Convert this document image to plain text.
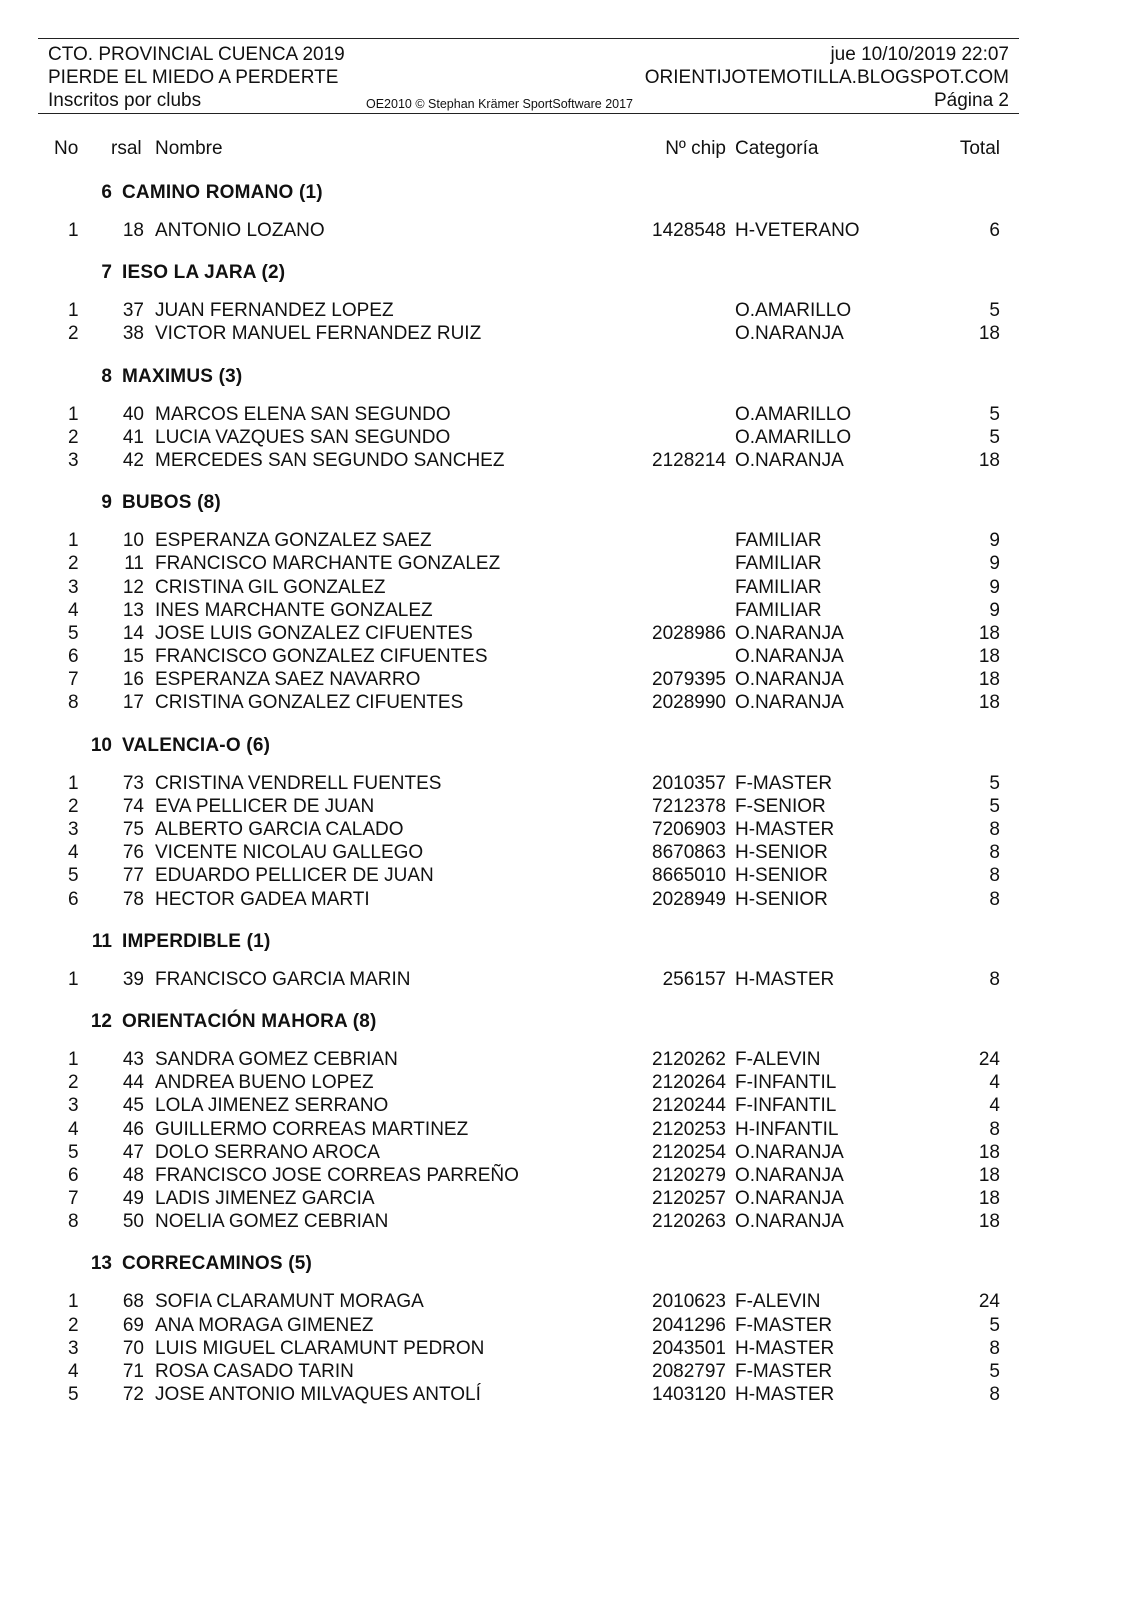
CTO. PROVINCIAL CUENCA 2019	jue 10/10/2019 22:07
PIERDE EL MIEDO A PERDERTE	ORIENTIJOTEMOTILLA.BLOGSPOT.COM
Inscritos por clubs	OE2010 © Stephan Krämer SportSoftware 2017	Página 2
No rsal Nombre	Nº chip Categoría	Total
6 CAMINO ROMANO (1)
1 18 ANTONIO LOZANO	1428548 H-VETERANO	6
7 IESO LA JARA (2)
1 37 JUAN FERNANDEZ LOPEZ	O.AMARILLO	5
2 38 VICTOR MANUEL FERNANDEZ RUIZ	O.NARANJA	18
8 MAXIMUS (3)
1 40 MARCOS ELENA SAN SEGUNDO	O.AMARILLO	5
2 41 LUCIA VAZQUES SAN SEGUNDO	O.AMARILLO	5
3 42 MERCEDES SAN SEGUNDO SANCHEZ	2128214 O.NARANJA	18
9 BUBOS (8)
1 10 ESPERANZA GONZALEZ SAEZ	FAMILIAR	9
2 11 FRANCISCO MARCHANTE GONZALEZ	FAMILIAR	9
3 12 CRISTINA GIL GONZALEZ	FAMILIAR	9
4 13 INES MARCHANTE GONZALEZ	FAMILIAR	9
5 14 JOSE LUIS GONZALEZ CIFUENTES	2028986 O.NARANJA	18
6 15 FRANCISCO GONZALEZ CIFUENTES	O.NARANJA	18
7 16 ESPERANZA SAEZ NAVARRO	2079395 O.NARANJA	18
8 17 CRISTINA GONZALEZ CIFUENTES	2028990 O.NARANJA	18
10 VALENCIA-O (6)
1 73 CRISTINA VENDRELL FUENTES	2010357 F-MASTER	5
2 74 EVA PELLICER DE JUAN	7212378 F-SENIOR	5
3 75 ALBERTO GARCIA CALADO	7206903 H-MASTER	8
4 76 VICENTE NICOLAU GALLEGO	8670863 H-SENIOR	8
5 77 EDUARDO PELLICER DE JUAN	8665010 H-SENIOR	8
6 78 HECTOR GADEA MARTI	2028949 H-SENIOR	8
11 IMPERDIBLE (1)
1 39 FRANCISCO GARCIA MARIN	256157 H-MASTER	8
12 ORIENTACIÓN MAHORA (8)
1 43 SANDRA GOMEZ CEBRIAN	2120262 F-ALEVIN	24
2 44 ANDREA BUENO LOPEZ	2120264 F-INFANTIL	4
3 45 LOLA JIMENEZ SERRANO	2120244 F-INFANTIL	4
4 46 GUILLERMO CORREAS MARTINEZ	2120253 H-INFANTIL	8
5 47 DOLO SERRANO AROCA	2120254 O.NARANJA	18
6 48 FRANCISCO JOSE CORREAS PARREÑO	2120279 O.NARANJA	18
7 49 LADIS JIMENEZ GARCIA	2120257 O.NARANJA	18
8 50 NOELIA GOMEZ CEBRIAN	2120263 O.NARANJA	18
13 CORRECAMINOS (5)
1 68 SOFIA CLARAMUNT MORAGA	2010623 F-ALEVIN	24
2 69 ANA MORAGA GIMENEZ	2041296 F-MASTER	5
3 70 LUIS MIGUEL CLARAMUNT PEDRON	2043501 H-MASTER	8
4 71 ROSA CASADO TARIN	2082797 F-MASTER	5
5 72 JOSE ANTONIO MILVAQUES ANTOLÍ	1403120 H-MASTER	8
